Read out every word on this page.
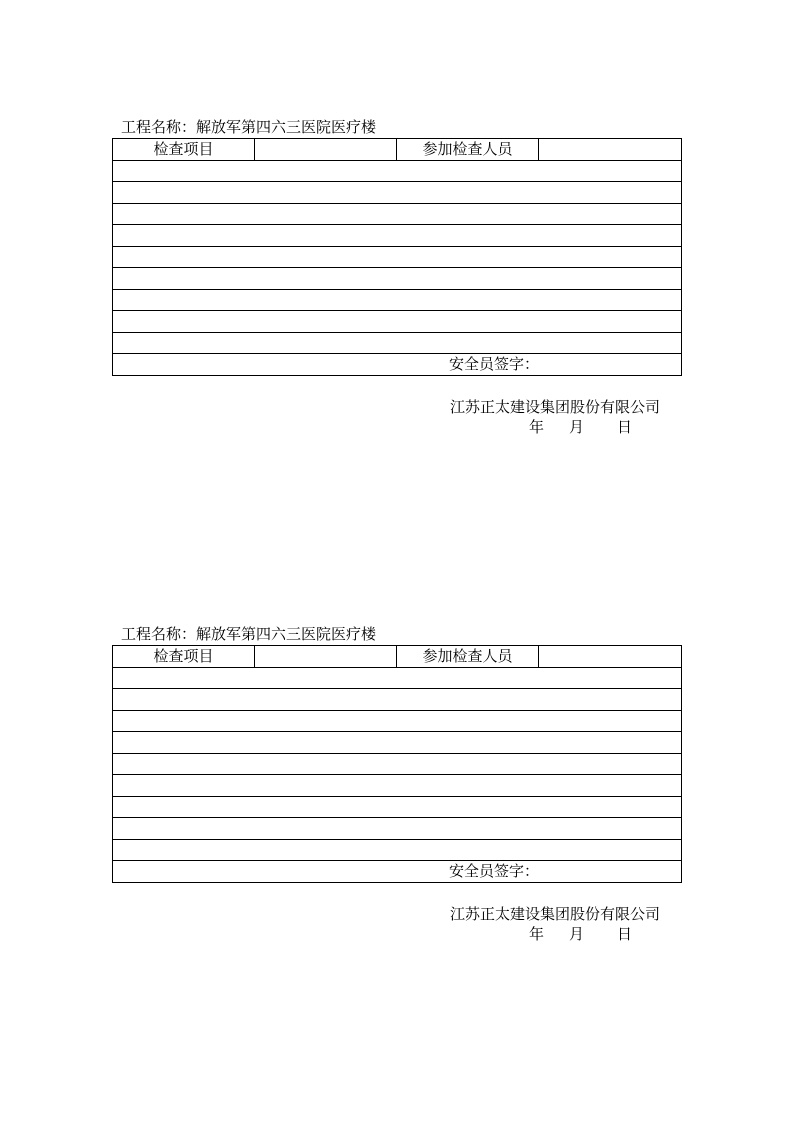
工程名称：解放军第四六三医院医疗楼
检查项目		参加检查人员	

安全员签字：
江苏正太建设集团股份有限公司
年 月 日
工程名称：解放军第四六三医院医疗楼
检查项目		参加检查人员	

安全员签字：
江苏正太建设集团股份有限公司
年 月 日
